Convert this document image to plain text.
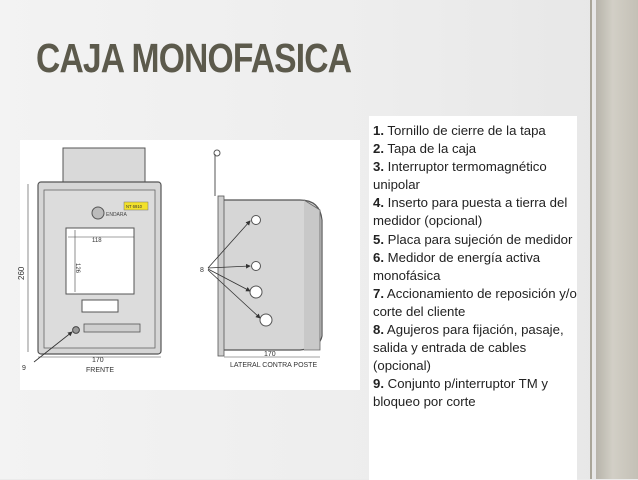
CAJA MONOFASICA
ENDARA
NT 6910
118
126
260
170
FRENTE
9
8
170
LATERAL CONTRA POSTE

1. Tornillo de cierre de la tapa

2. Tapa de la caja

3. Interruptor termomagnético unipolar

4. Inserto para puesta a tierra del medidor (opcional)

5. Placa para sujeción de medidor

6. Medidor de energía activa monofásica

7. Accionamiento de reposición y/o corte del cliente

8. Agujeros para fijación, pasaje, salida y entrada de cables (opcional)

9. Conjunto p/interruptor TM y bloqueo por corte
